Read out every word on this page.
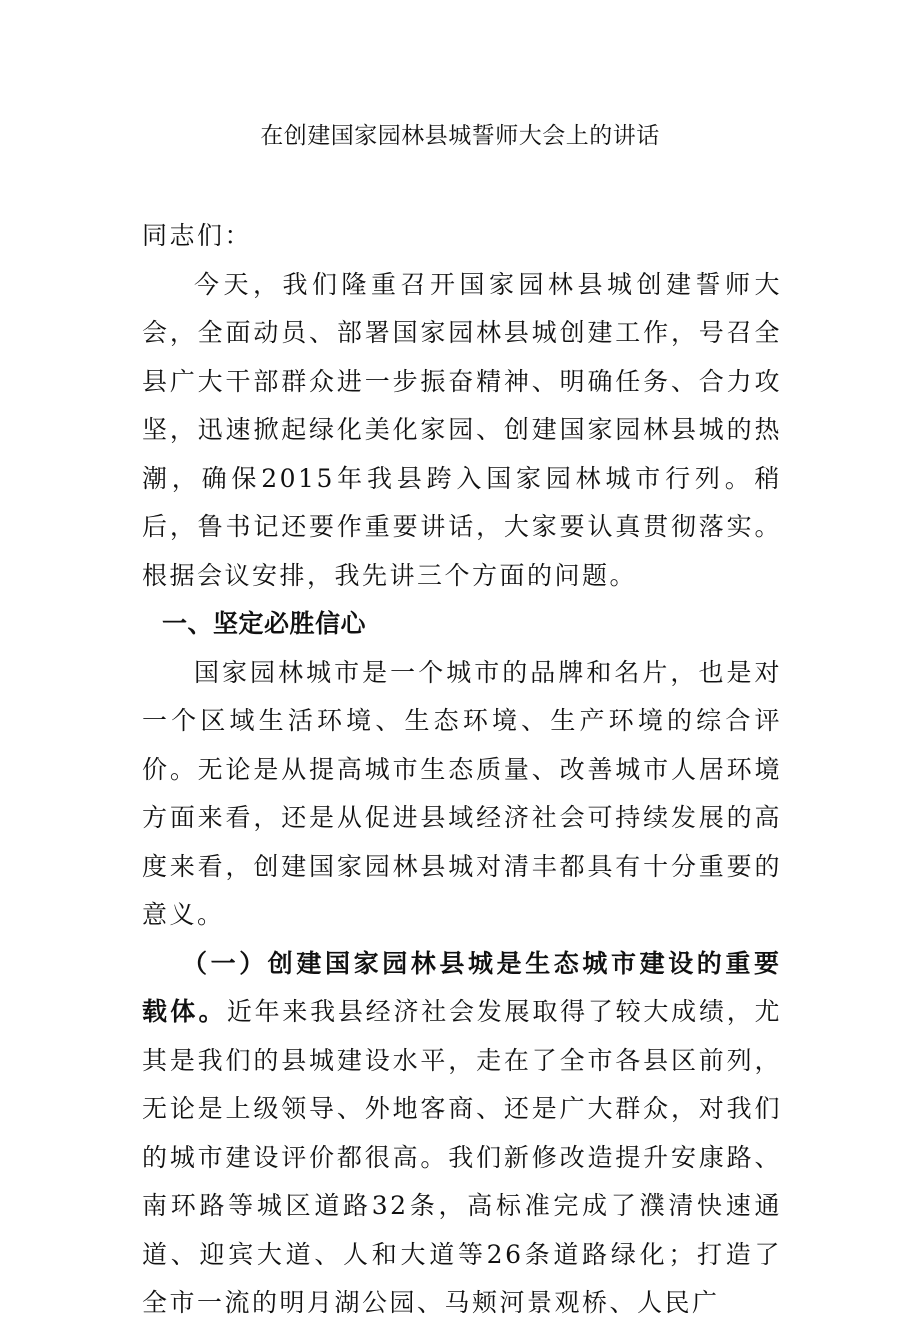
在创建国家园林县城誓师大会上的讲话

同志们：

今天，我们隆重召开国家园林县城创建誓师大会，全面动员、部署国家园林县城创建工作，号召全县广大干部群众进一步振奋精神、明确任务、合力攻坚，迅速掀起绿化美化家园、创建国家园林县城的热潮，确保2015年我县跨入国家园林城市行列。稍后，鲁书记还要作重要讲话，大家要认真贯彻落实。根据会议安排，我先讲三个方面的问题。

一、坚定必胜信心

国家园林城市是一个城市的品牌和名片，也是对一个区域生活环境、生态环境、生产环境的综合评价。无论是从提高城市生态质量、改善城市人居环境方面来看，还是从促进县域经济社会可持续发展的高度来看，创建国家园林县城对清丰都具有十分重要的意义。

（一）创建国家园林县城是生态城市建设的重要载体。近年来我县经济社会发展取得了较大成绩，尤其是我们的县城建设水平，走在了全市各县区前列，无论是上级领导、外地客商、还是广大群众，对我们的城市建设评价都很高。我们新修改造提升安康路、南环路等城区道路32条，高标准完成了濮清快速通道、迎宾大道、人和大道等26条道路绿化；打造了全市一流的明月湖公园、马颊河景观桥、人民广
